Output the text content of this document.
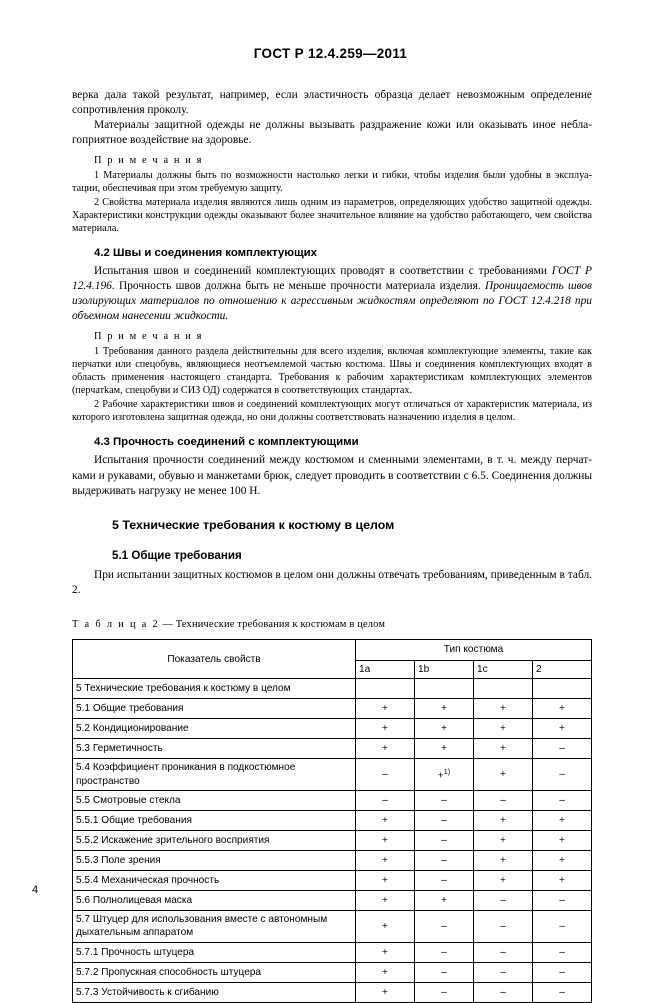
ГОСТ Р 12.4.259—2011

верка дала такой результат, например, если эластичность образца делает невозможным определение сопротивления проколу.

Материалы защитной одежды не должны вызывать раздражение кожи или оказывать иное неблагоприятное воздействие на здоровье.

П р и м е ч а н и я

1 Материалы должны быть по возможности настолько легки и гибки, чтобы изделия были удобны в эксплуатации, обеспечивая при этом требуемую защиту.

2 Свойства материала изделия являются лишь одним из параметров, определяющих удобство защитной одежды. Характеристики конструкции одежды оказывают более значительное влияние на удобство работающего, чем свойства материала.

4.2 Швы и соединения комплектующих

Испытания швов и соединений комплектующих проводят в соответствии с требованиями ГОСТ Р 12.4.196. Прочность швов должна быть не меньше прочности материала изделия. Проницаемость швов изолирующих материалов по отношению к агрессивным жидкостям определяют по ГОСТ 12.4.218 при объемном нанесении жидкости.

П р и м е ч а н и я

1 Требования данного раздела действительны для всего изделия, включая комплектующие элементы, такие как перчатки или спецобувь, являющиеся неотъемлемой частью костюма. Швы и соединения комплектующих входят в область применения настоящего стандарта. Требования к рабочим характеристикам комплектующих элементов (перчатkам, спецобуви и СИЗ ОД) содержатся в соответствующих стандартах.

2 Рабочие характеристики швов и соединений комплектующих могут отличаться от характеристик материала, из которого изготовлена защитная одежда, но они должны соответствовать назначению изделия в целом.

4.3 Прочность соединений с комплектующими

Испытания прочности соединений между костюмом и сменными элементами, в т. ч. между перчатками и рукавами, обувью и манжетами брюк, следует проводить в соответствии с 6.5. Соединения должны выдерживать нагрузку не менее 100 Н.

5 Технические требования к костюму в целом

5.1 Общие требования

При испытании защитных костюмов в целом они должны отвечать требованиям, приведенным в табл. 2.

Т а б л и ц а 2 — Технические требования к костюмам в целом

Показатель свойств	Тип костюма			
	1a	1b	1c	2
5 Технические требования к костюму в целом				
5.1 Общие требования	+	+	+	+
5.2 Кондиционирование	+	+	+	+
5.3 Герметичность	+	+	+	–
5.4 Коэффициент проникания в подкостюмное пространство	–	+$^{1)}$	+	–
5.5 Смотровые стекла	–	–	–	–
5.5.1 Общие требования	+	–	+	+
5.5.2 Искажение зрительного восприятия	+	–	+	+
5.5.3 Поле зрения	+	–	+	+
5.5.4 Механическая прочность	+	–	+	+
5.6 Полнолицевая маска	+	+	–	–
5.7 Штуцер для использования вместе с автономным дыхательным аппаратом	+	–	–	–
5.7.1 Прочность штуцера	+	–	–	–
5.7.2 Пропускная способность штуцера	+	–	–	–
5.7.3 Устойчивость к сгибанию	+	–	–	–
4
